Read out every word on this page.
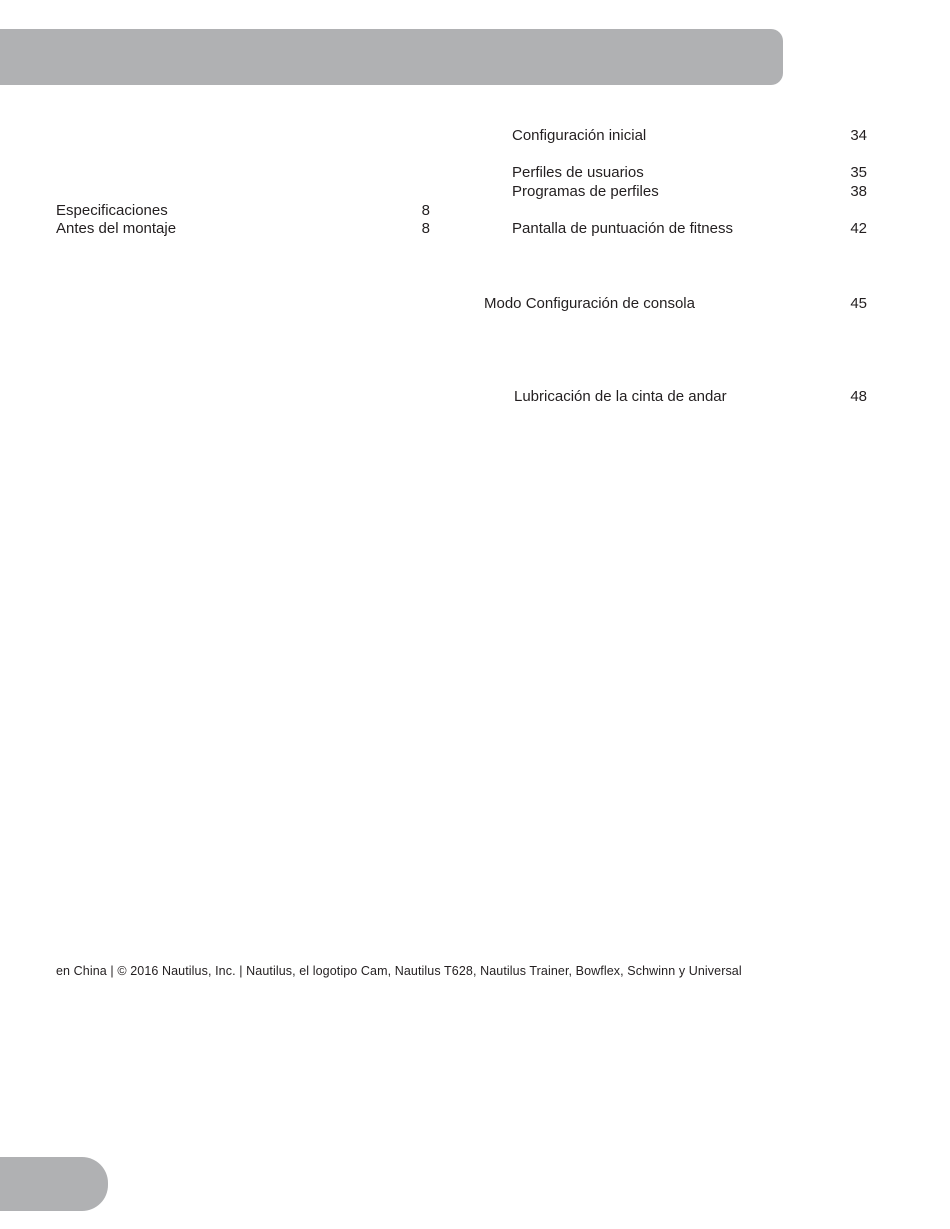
Especificaciones	8
Antes del montaje	8
Configuración inicial	34
Perfiles de usuarios	35
Programas de perfiles	38
Pantalla de puntuación de fitness	42
Modo Configuración de consola	45
Lubricación de la cinta de andar	48
en China | © 2016 Nautilus, Inc. | Nautilus, el logotipo Cam, Nautilus T628, Nautilus Trainer, Bowflex, Schwinn y Universal
